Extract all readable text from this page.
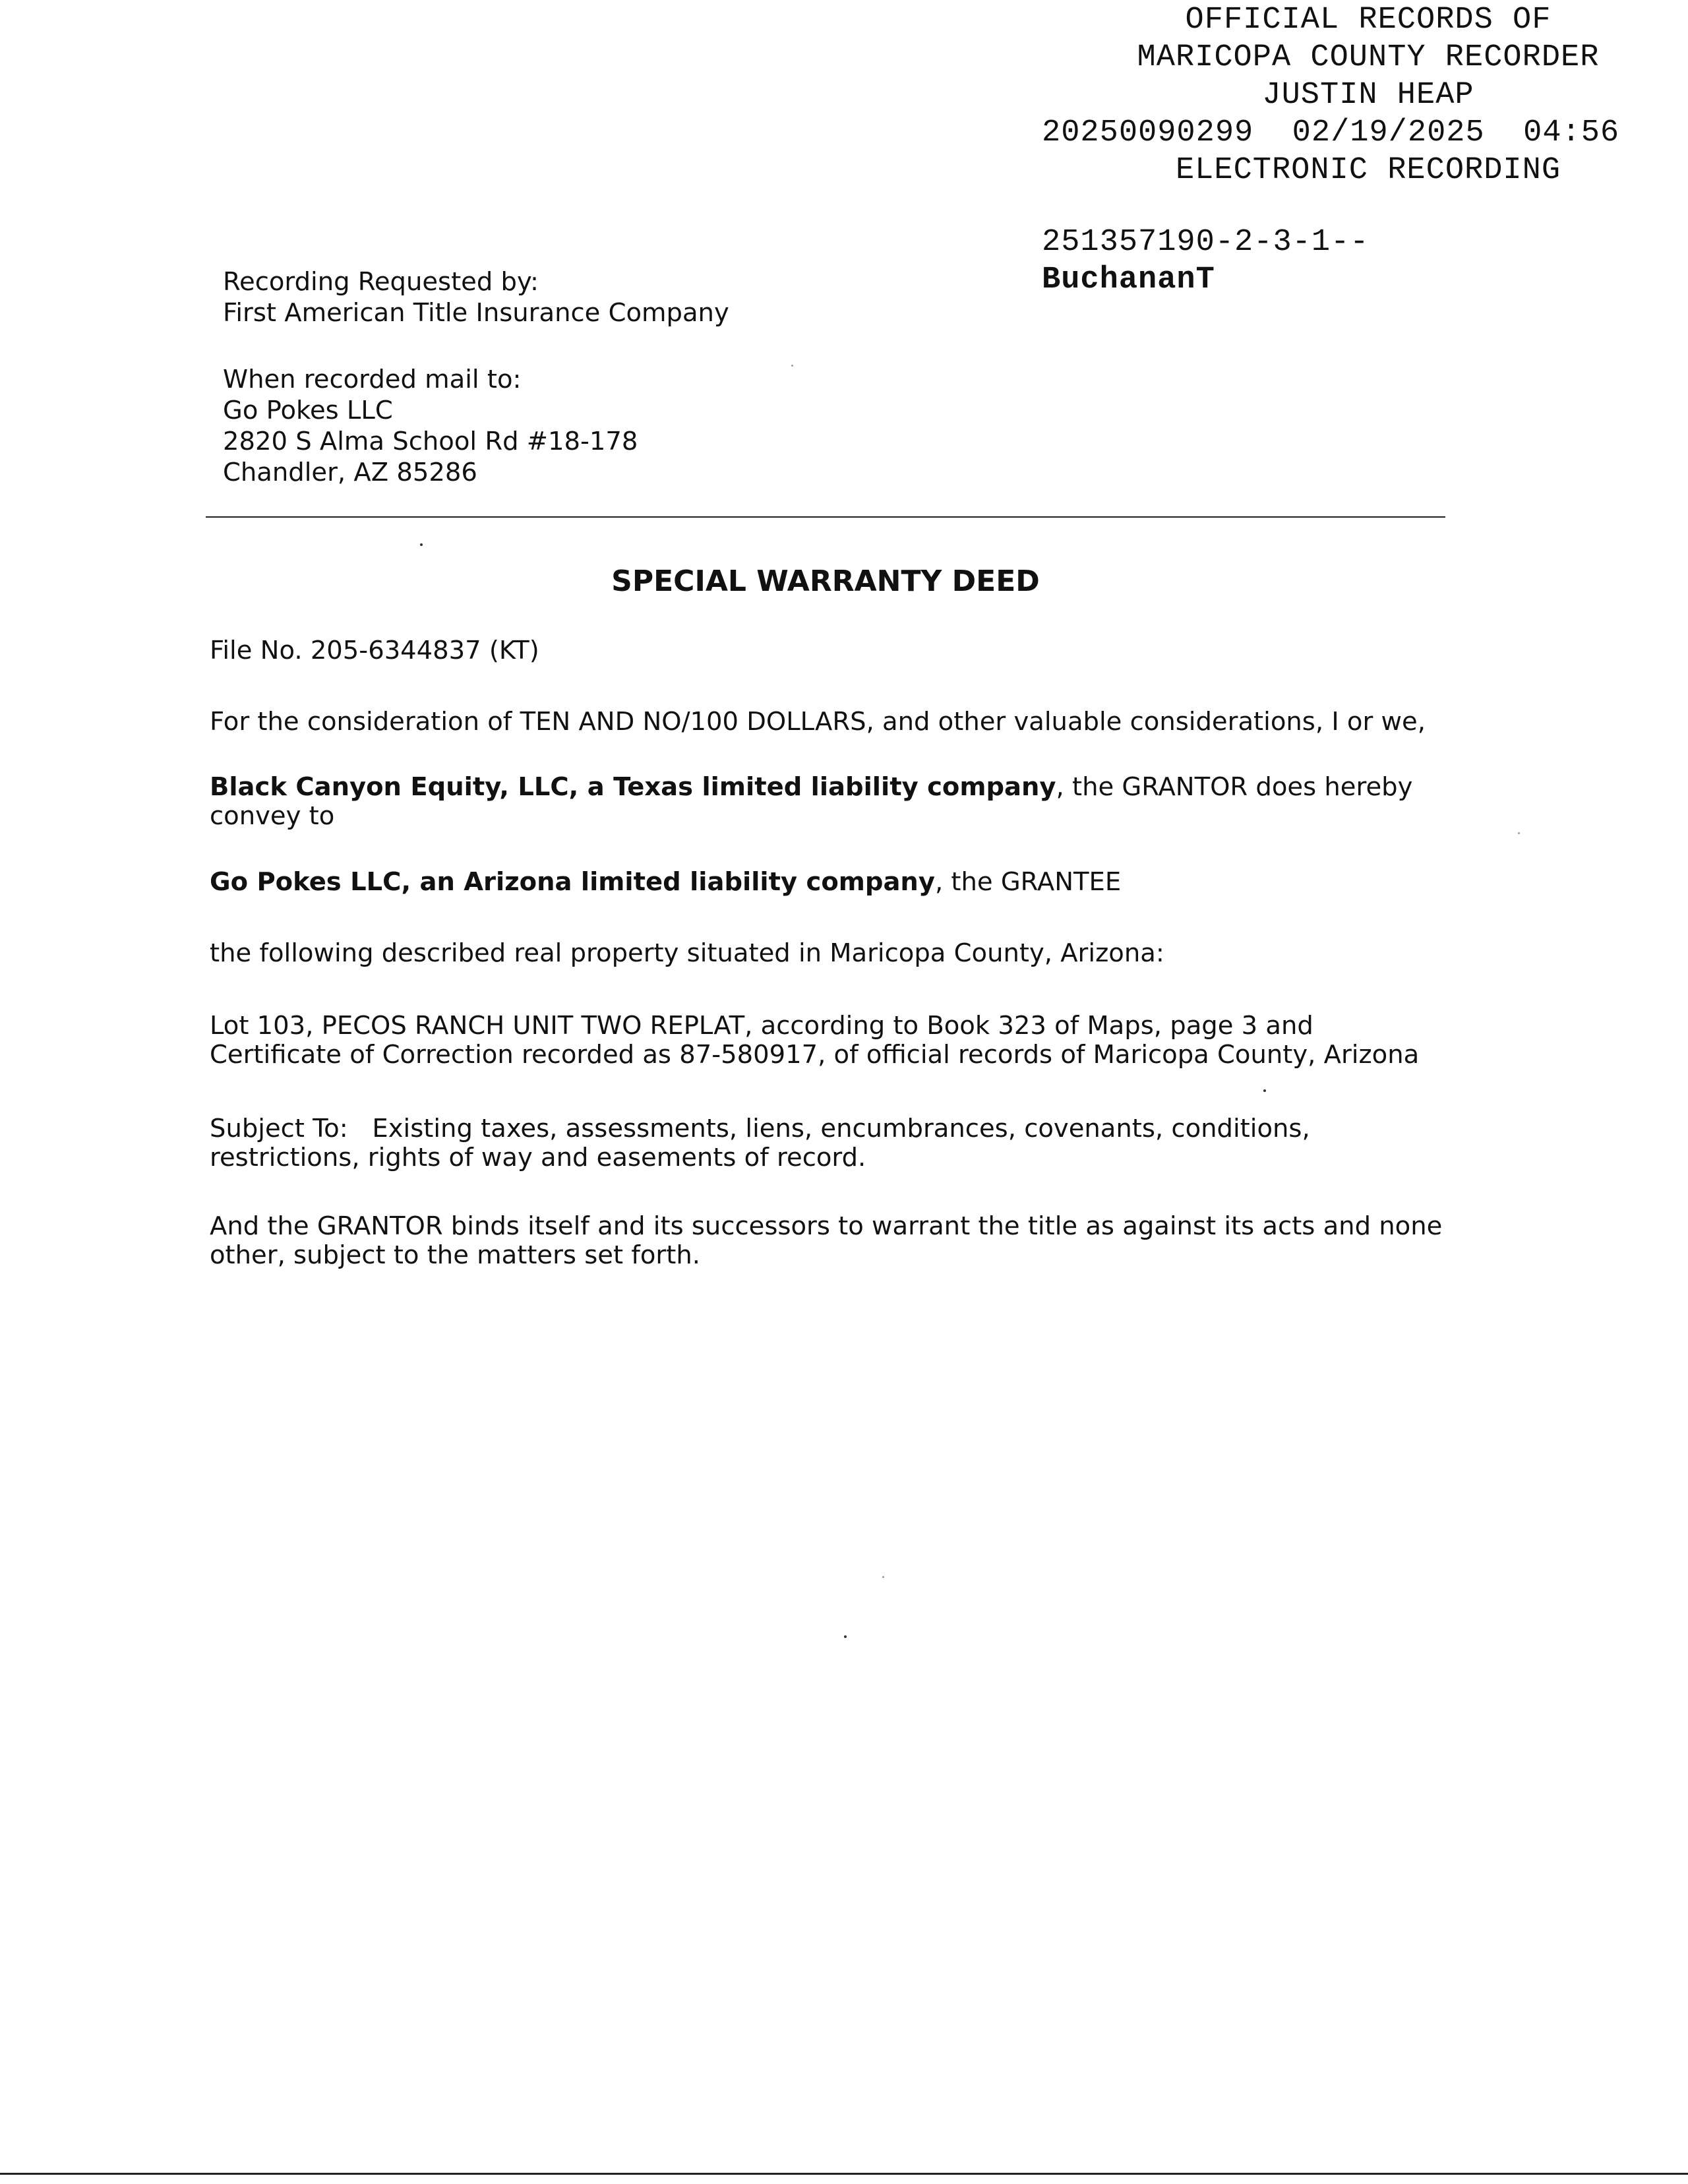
OFFICIAL RECORDS OF
MARICOPA COUNTY RECORDER
JUSTIN HEAP
20250090299  02/19/2025  04:56
ELECTRONIC RECORDING
251357190-2-3-1--
BuchananT
Recording Requested by:
First American Title Insurance Company
When recorded mail to:
Go Pokes LLC
2820 S Alma School Rd #18-178
Chandler, AZ 85286
SPECIAL WARRANTY DEED
File No. 205-6344837 (KT)
For the consideration of TEN AND NO/100 DOLLARS, and other valuable considerations, I or we,
Black Canyon Equity, LLC, a Texas limited liability company, the GRANTOR does hereby convey to
Go Pokes LLC, an Arizona limited liability company, the GRANTEE
the following described real property situated in Maricopa County, Arizona:
Lot 103, PECOS RANCH UNIT TWO REPLAT, according to Book 323 of Maps, page 3 and Certificate of Correction recorded as 87-580917, of official records of Maricopa County, Arizona
Subject To: Existing taxes, assessments, liens, encumbrances, covenants, conditions, restrictions, rights of way and easements of record.
And the GRANTOR binds itself and its successors to warrant the title as against its acts and none other, subject to the matters set forth.
